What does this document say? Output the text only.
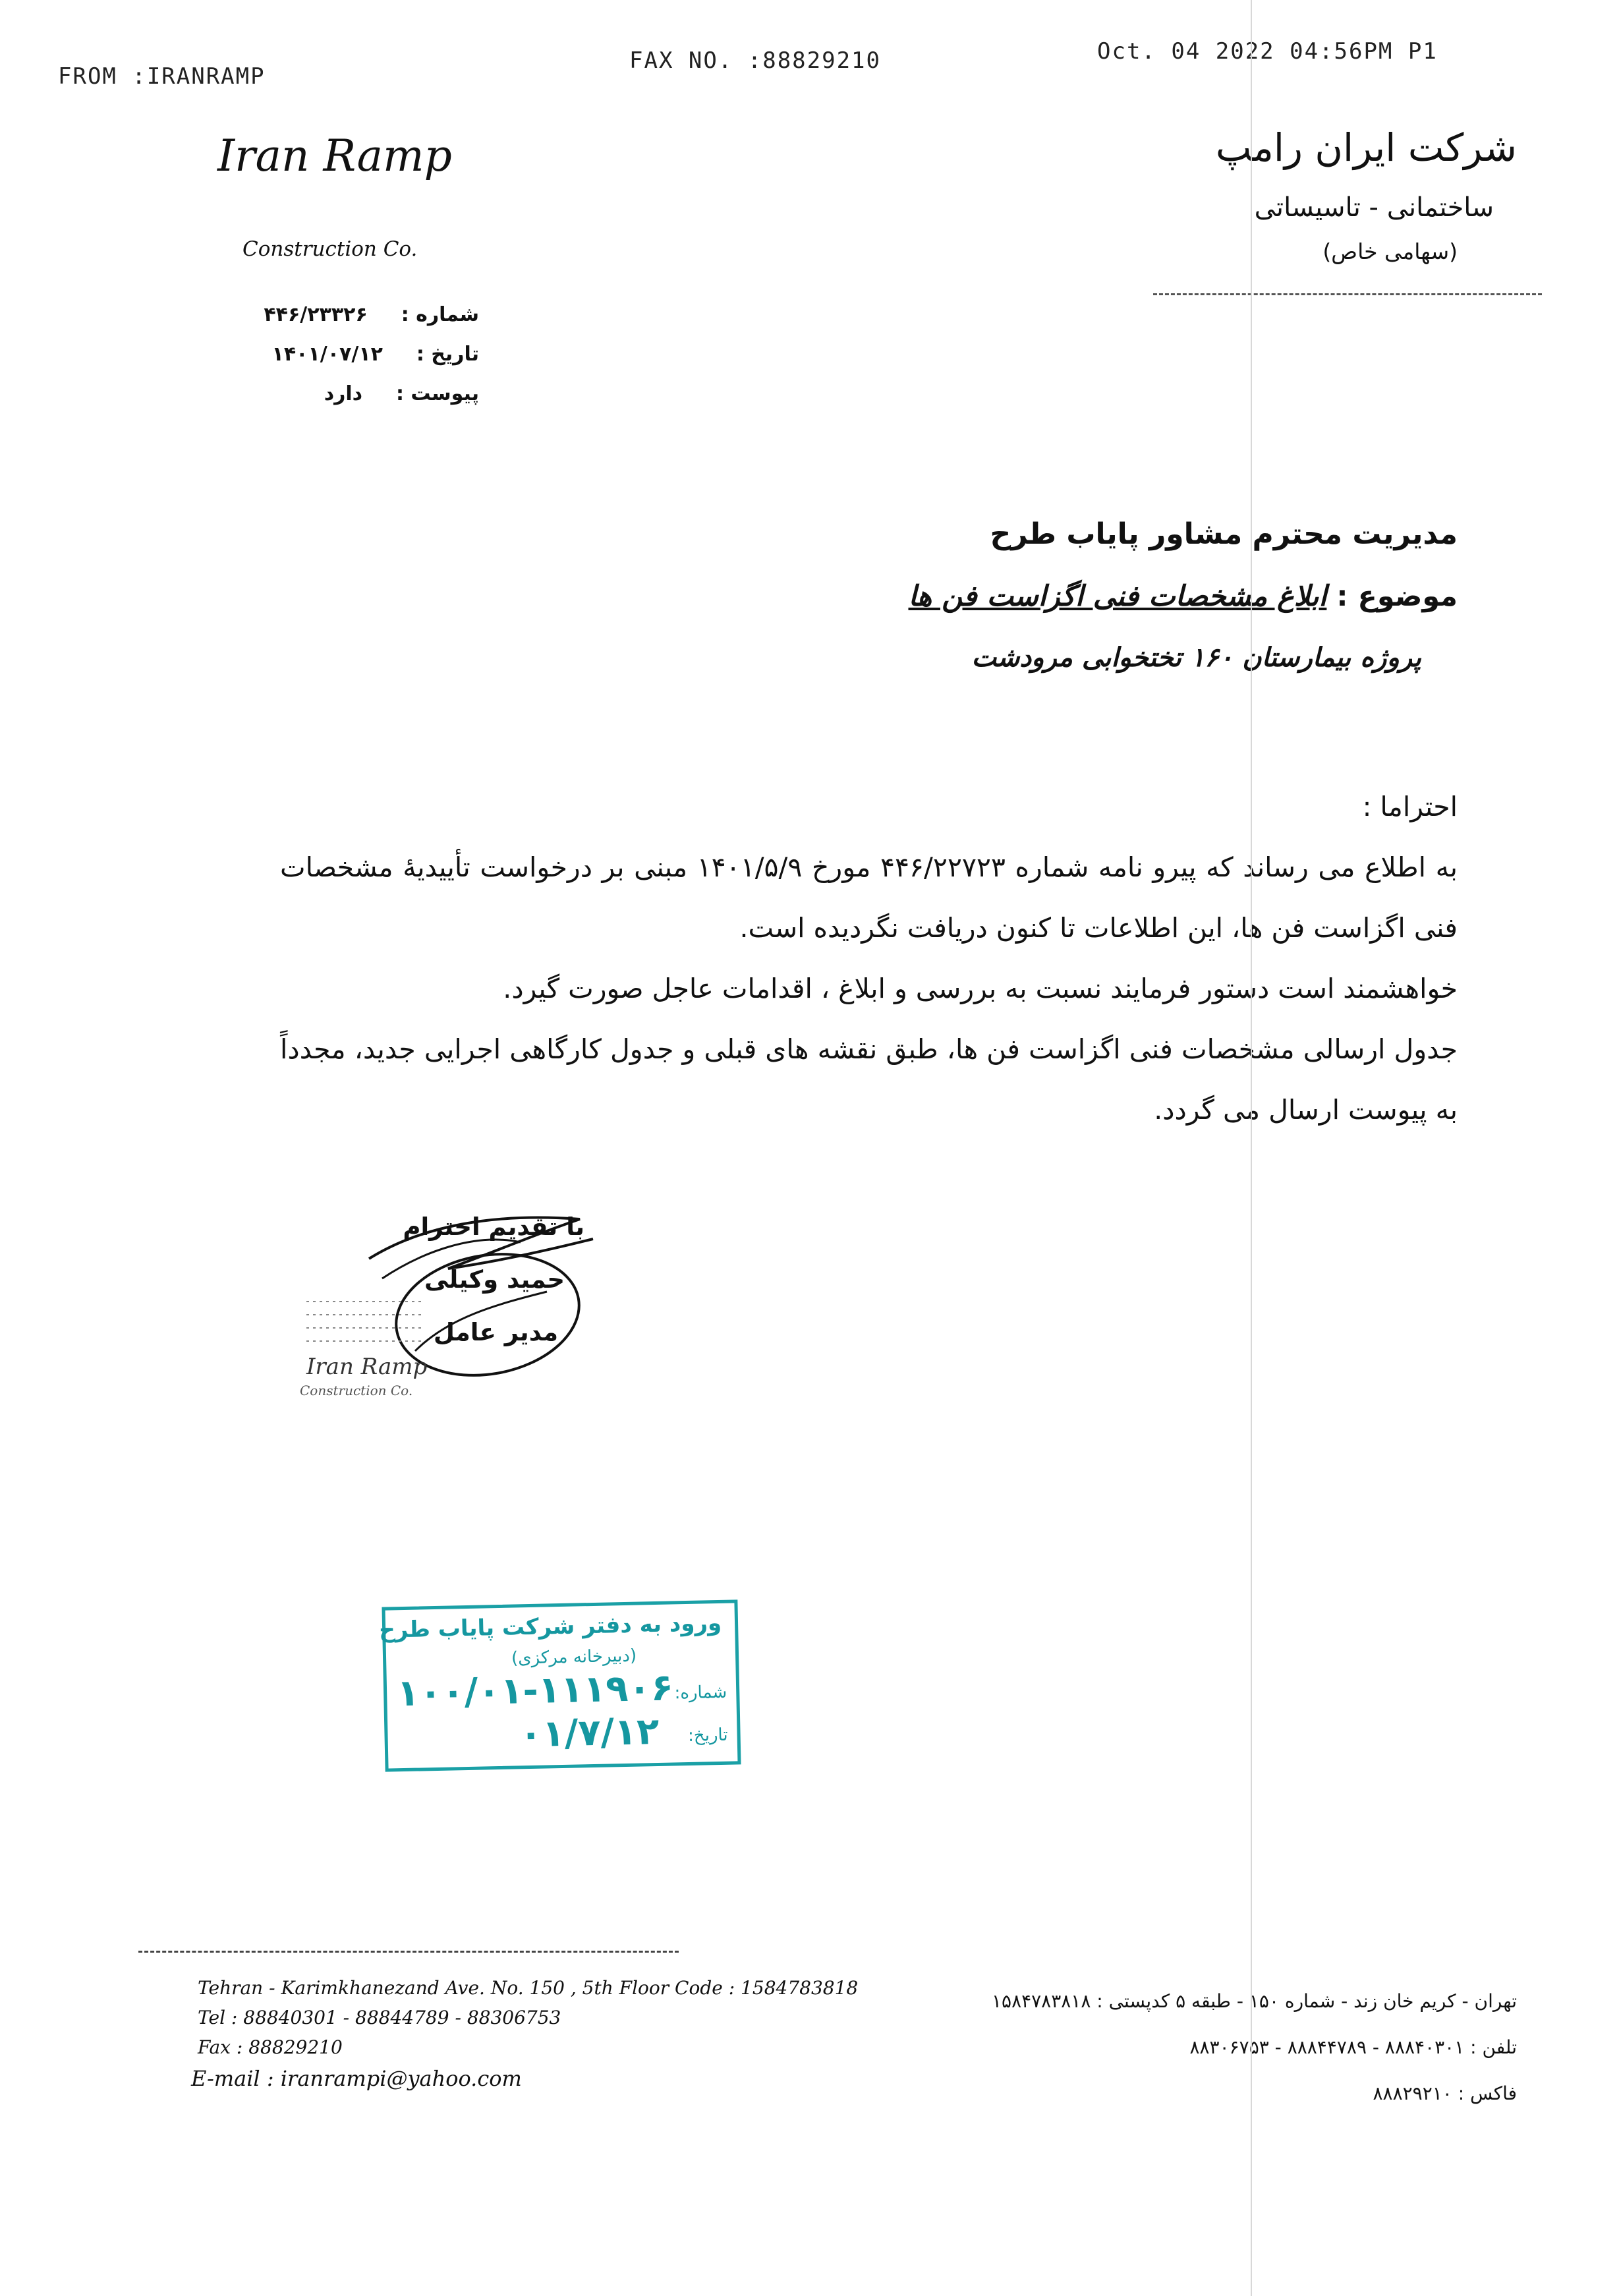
FROM :IRANRAMP
FAX NO. :88829210	Oct. 04 2022 04:56PM P1
Iran Ramp
Construction Co.
شرکت ایران رامپ
ساختمانی - تاسیساتی
(سهامی خاص)
شماره :  ۴۴۶/۲۳۳۲۶
تاریخ :  ۱۴۰۱/۰۷/۱۲
پیوست :  دارد
مدیریت محترم مشاور پایاب طرح
موضوع : ابلاغ مشخصات فنی اگزاست فن ها
پروژه بیمارستان ۱۶۰ تختخوابی مرودشت
احتراما :
به اطلاع می رساند که پیرو نامه شماره ۴۴۶/۲۲۷۲۳ مورخ ۱۴۰۱/۵/۹ مبنی بر درخواست تأییدیهٔ مشخصات فنی اگزاست فن ها، این اطلاعات تا کنون دریافت نگردیده است.
خواهشمند است دستور فرمایند نسبت به بررسی و ابلاغ ، اقدامات عاجل صورت گیرد.
جدول ارسالی مشخصات فنی اگزاست فن ها، طبق نقشه های قبلی و جدول کارگاهی اجرایی جدید، مجدداً به پیوست ارسال می گردد.
با تقدیم احترام
حمید وکیلی
مدیر عامل
Iran Ramp
Construction Co.
ورود به دفتر شرکت پایاب طرح
(دبیرخانه مرکزی)
شماره:
۱۰۰/۰۱-۱۱۱۹۰۶
تاریخ:
۰۱/۷/۱۲
Tehran - Karimkhanezand Ave. No. 150 , 5th Floor Code : 1584783818
Tel : 88840301 - 88844789 - 88306753
Fax : 88829210
E-mail : iranrampi@yahoo.com
تهران - کریم خان زند - شماره ۱۵۰ - طبقه ۵ کدپستی : ۱۵۸۴۷۸۳۸۱۸
تلفن : ۸۸۸۴۰۳۰۱ - ۸۸۸۴۴۷۸۹ - ۸۸۳۰۶۷۵۳
فاکس : ۸۸۸۲۹۲۱۰
